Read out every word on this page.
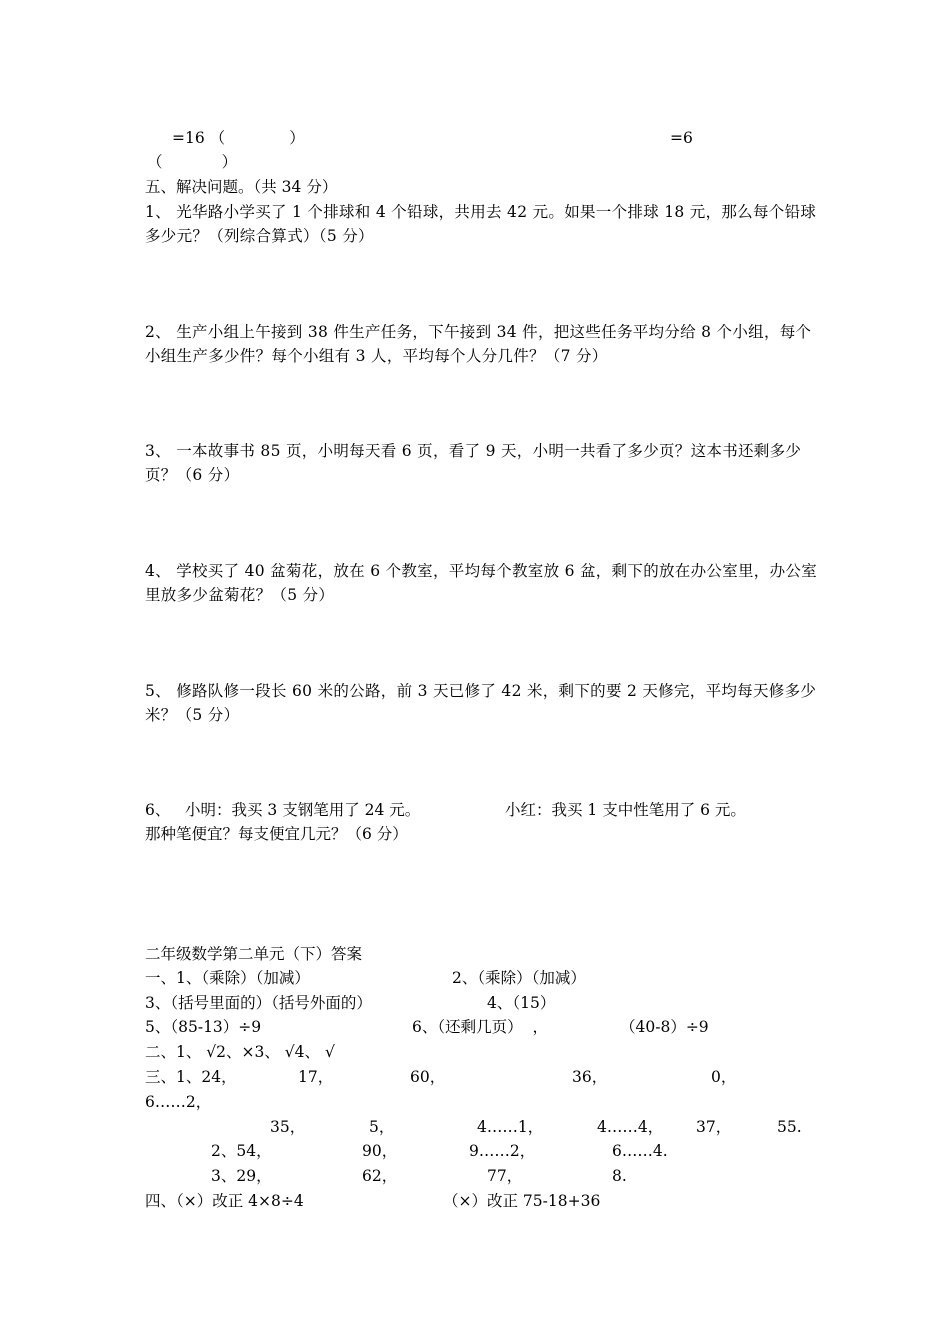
=16 （             ）	=6
（            ）
五、解决问题。（共 34 分）
1、 光华路小学买了 1 个排球和 4 个铅球，共用去 42 元。如果一个排球 18 元，那么每个铅球多少元？（列综合算式）（5 分）
2、 生产小组上午接到 38 件生产任务，下午接到 34 件，把这些任务平均分给 8 个小组，每个小组生产多少件？每个小组有 3 人，平均每个人分几件？（7 分）
3、 一本故事书 85 页，小明每天看 6 页，看了 9 天，小明一共看了多少页？这本书还剩多少页？（6 分）
4、 学校买了 40 盆菊花，放在 6 个教室，平均每个教室放 6 盆，剩下的放在办公室里，办公室里放多少盆菊花？（5 分）
5、 修路队修一段长 60 米的公路，前 3 天已修了 42 米，剩下的要 2 天修完，平均每天修多少米？（5 分）
6、 小明：我买 3 支钢笔用了 24 元。	小红：我买 1 支中性笔用了 6 元。
那种笔便宜？每支便宜几元？（6 分）
二年级数学第二单元（下）答案
一、1、（乘除）（加减）	2、（乘除）（加减）
3、（括号里面的）（括号外面的）	4、（15）
5、（85-13）÷9	6、（还剩几页）  ，	（40-8）÷9
二、1、 √2、×3、 √4、 √
三、1、24，	17，	60，	36，	0，
6……2，
35，	5，	4……1，	4……4， 37，	55.
2、54，	90，	9……2，	6……4.
3、29，	62，	77，	8.
四、（×）改正 4×8÷4	（×）改正 75-18+36
